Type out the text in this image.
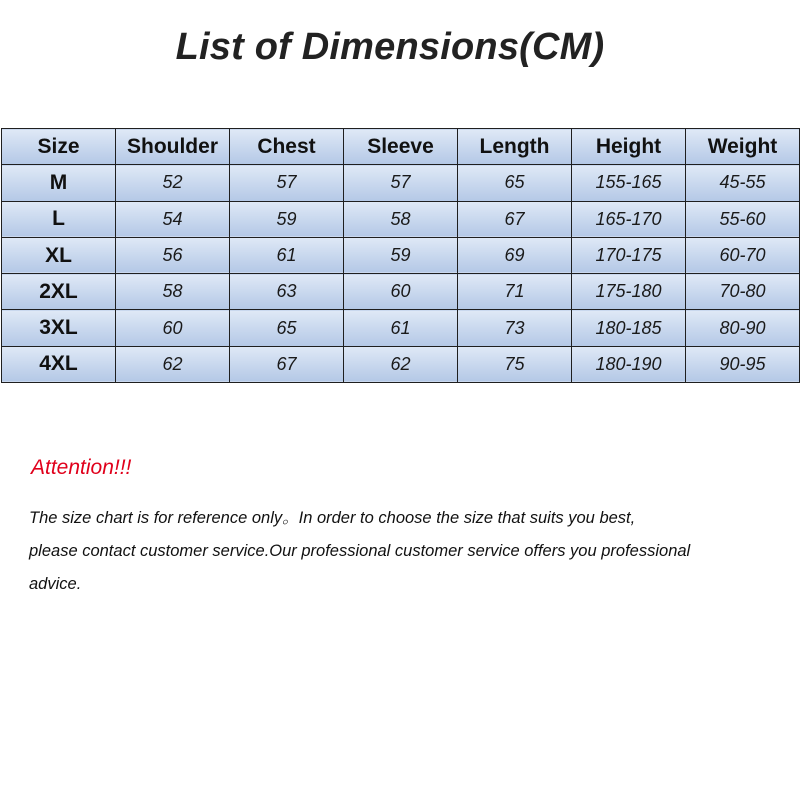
List of Dimensions(CM)
Size	Shoulder	Chest	Sleeve	Length	Height	Weight
M	52	57	57	65	155-165	45-55
L	54	59	58	67	165-170	55-60
XL	56	61	59	69	170-175	60-70
2XL	58	63	60	71	175-180	70-80
3XL	60	65	61	73	180-185	80-90
4XL	62	67	62	75	180-190	90-95
Attention!!!
The size chart is for reference only。In order to choose the size that suits you best,
please contact customer service.Our professional customer service offers you professional
advice.
